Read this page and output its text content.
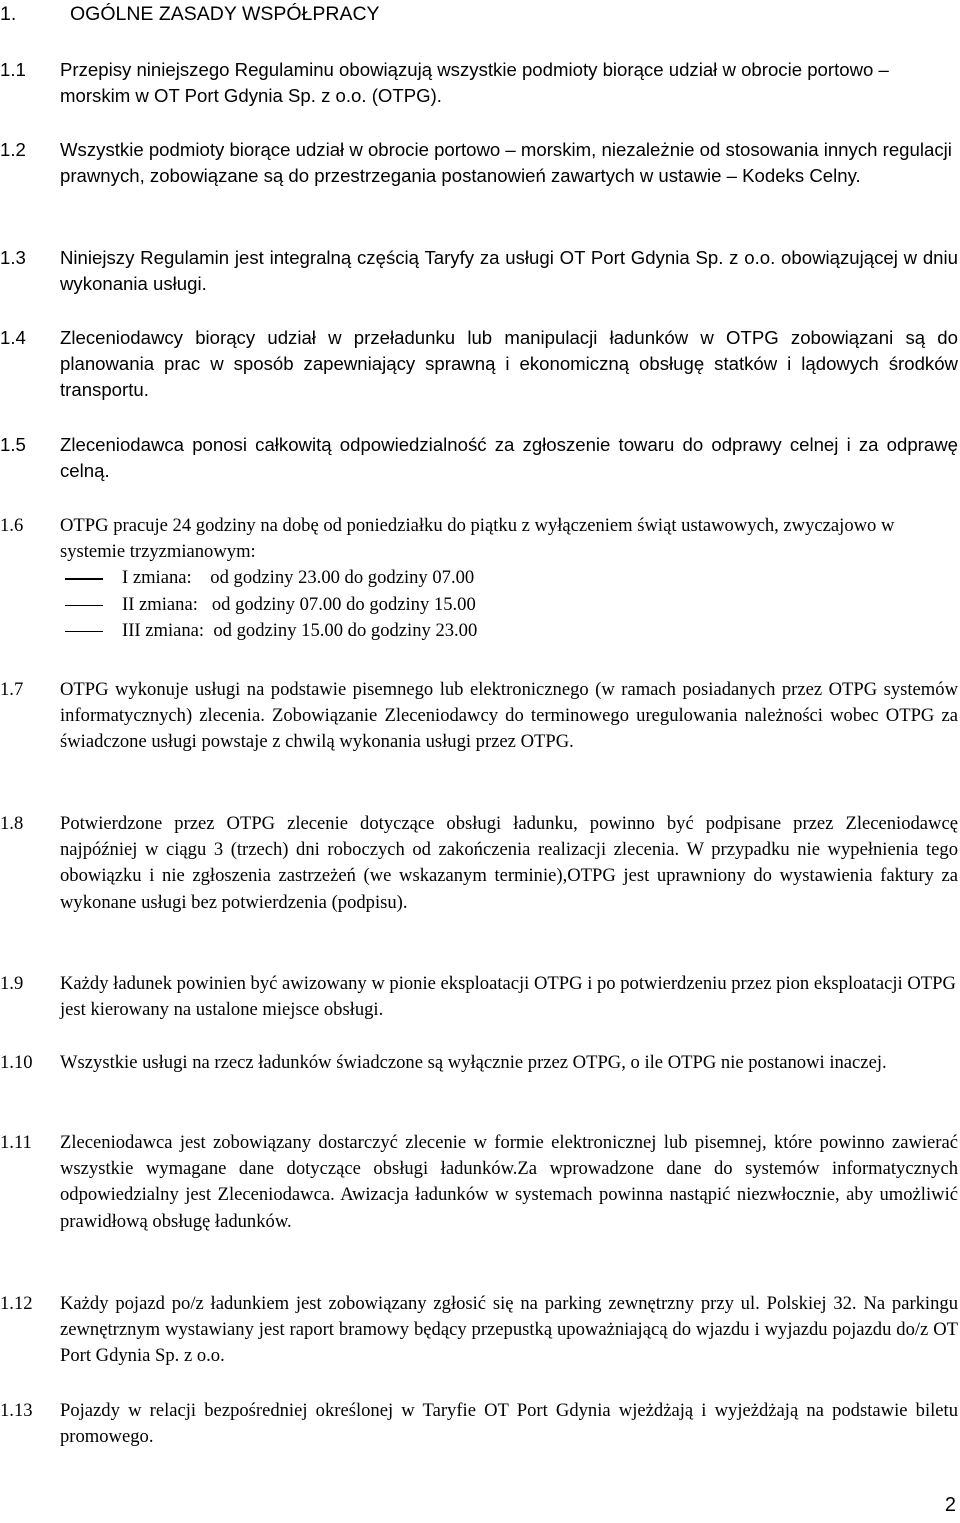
1.	OGÓLNE ZASADY WSPÓŁPRACY
1.1 Przepisy niniejszego Regulaminu obowiązują wszystkie podmioty biorące udział w obrocie portowo – morskim w OT Port Gdynia Sp. z o.o. (OTPG).
1.2 Wszystkie podmioty biorące udział w obrocie portowo – morskim, niezależnie od stosowania innych regulacji prawnych, zobowiązane są do przestrzegania postanowień zawartych w ustawie – Kodeks Celny.
1.3 Niniejszy Regulamin jest integralną częścią Taryfy za usługi OT Port Gdynia Sp. z o.o. obowiązującej w dniu wykonania usługi.
1.4 Zleceniodawcy biorący udział w przeładunku lub manipulacji ładunków w OTPG zobowiązani są do planowania prac w sposób zapewniający sprawną i ekonomiczną obsługę statków i lądowych środków transportu.
1.5 Zleceniodawca ponosi całkowitą odpowiedzialność za zgłoszenie towaru do odprawy celnej i za odprawę celną.
1.6 OTPG pracuje 24 godziny na dobę od poniedziałku do piątku z wyłączeniem świąt ustawowych, zwyczajowo w systemie trzyzmianowym:
I zmiana:    od godziny 23.00 do godziny 07.00
II zmiana:   od godziny 07.00 do godziny 15.00
III zmiana:  od godziny 15.00 do godziny 23.00
1.7 OTPG wykonuje usługi na podstawie pisemnego lub elektronicznego (w ramach posiadanych przez OTPG systemów informatycznych) zlecenia. Zobowiązanie Zleceniodawcy do terminowego uregulowania należności wobec OTPG za świadczone usługi powstaje z chwilą wykonania usługi przez OTPG.
1.8 Potwierdzone przez OTPG zlecenie dotyczące obsługi ładunku, powinno być podpisane przez Zleceniodawcę najpóźniej w ciągu 3 (trzech) dni roboczych od zakończenia realizacji zlecenia. W przypadku nie wypełnienia tego obowiązku i nie zgłoszenia zastrzeżeń (we wskazanym terminie),OTPG jest uprawniony do wystawienia faktury za wykonane usługi bez potwierdzenia (podpisu).
1.9 Każdy ładunek powinien być awizowany w pionie eksploatacji OTPG i po potwierdzeniu przez pion eksploatacji OTPG jest kierowany na ustalone miejsce obsługi.
1.10 Wszystkie usługi na rzecz ładunków świadczone są wyłącznie przez OTPG, o ile OTPG nie postanowi inaczej.
1.11 Zleceniodawca jest zobowiązany dostarczyć zlecenie w formie elektronicznej lub pisemnej, które powinno zawierać wszystkie wymagane dane dotyczące obsługi ładunków.Za wprowadzone dane do systemów informatycznych odpowiedzialny jest Zleceniodawca. Awizacja ładunków w systemach powinna nastąpić niezwłocznie, aby umożliwić prawidłową obsługę ładunków.
1.12 Każdy pojazd po/z ładunkiem jest zobowiązany zgłosić się na parking zewnętrzny przy ul. Polskiej 32. Na parkingu zewnętrznym wystawiany jest raport bramowy będący przepustką upoważniającą do wjazdu i wyjazdu pojazdu do/z OT Port Gdynia Sp. z o.o.
1.13 Pojazdy w relacji bezpośredniej określonej w Taryfie OT Port Gdynia wjeżdżają i wyjeżdżają na podstawie biletu promowego.
2
